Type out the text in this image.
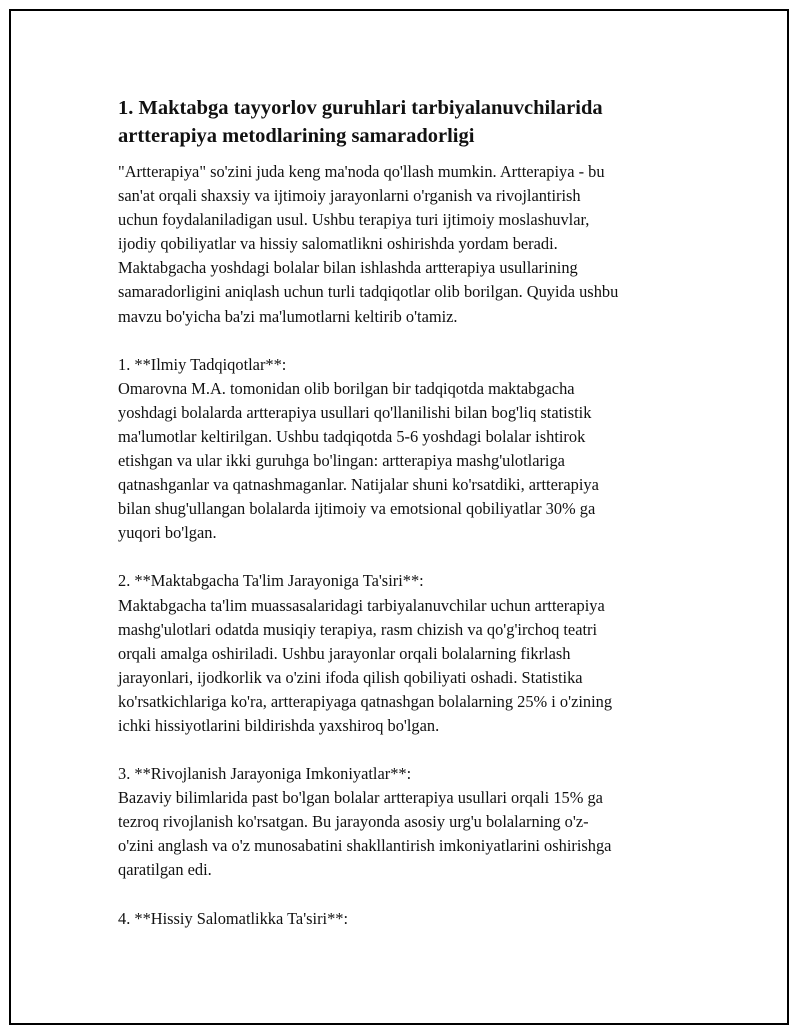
1. Maktabga tayyorlov guruhlari tarbiyalanuvchilarida
artterapiya metodlarining samaradorligi

"Artterapiya" so'zini juda keng ma'noda qo'llash mumkin. Artterapiya - bu
san'at orqali shaxsiy va ijtimoiy jarayonlarni o'rganish va rivojlantirish
uchun foydalaniladigan usul. Ushbu terapiya turi ijtimoiy moslashuvlar,
ijodiy qobiliyatlar va hissiy salomatlikni oshirishda yordam beradi.
Maktabgacha yoshdagi bolalar bilan ishlashda artterapiya usullarining
samaradorligini aniqlash uchun turli tadqiqotlar olib borilgan. Quyida ushbu
mavzu bo'yicha ba'zi ma'lumotlarni keltirib o'tamiz.

1. **Ilmiy Tadqiqotlar**:
Omarovna M.A. tomonidan olib borilgan bir tadqiqotda maktabgacha
yoshdagi bolalarda artterapiya usullari qo'llanilishi bilan bog'liq statistik
ma'lumotlar keltirilgan. Ushbu tadqiqotda 5-6 yoshdagi bolalar ishtirok
etishgan va ular ikki guruhga bo'lingan: artterapiya mashg'ulotlariga
qatnashganlar va qatnashmaganlar. Natijalar shuni ko'rsatdiki, artterapiya
bilan shug'ullangan bolalarda ijtimoiy va emotsional qobiliyatlar 30% ga
yuqori bo'lgan.
2. **Maktabgacha Ta'lim Jarayoniga Ta'siri**:
Maktabgacha ta'lim muassasalaridagi tarbiyalanuvchilar uchun artterapiya
mashg'ulotlari odatda musiqiy terapiya, rasm chizish va qo'g'irchoq teatri
orqali amalga oshiriladi. Ushbu jarayonlar orqali bolalarning fikrlash
jarayonlari, ijodkorlik va o'zini ifoda qilish qobiliyati oshadi. Statistika
ko'rsatkichlariga ko'ra, artterapiyaga qatnashgan bolalarning 25% i o'zining
ichki hissiyotlarini bildirishda yaxshiroq bo'lgan.
3. **Rivojlanish Jarayoniga Imkoniyatlar**:
Bazaviy bilimlarida past bo'lgan bolalar artterapiya usullari orqali 15% ga
tezroq rivojlanish ko'rsatgan. Bu jarayonda asosiy urg'u bolalarning o'z-
o'zini anglash va o'z munosabatini shakllantirish imkoniyatlarini oshirishga
qaratilgan edi.
4. **Hissiy Salomatlikka Ta'siri**:
